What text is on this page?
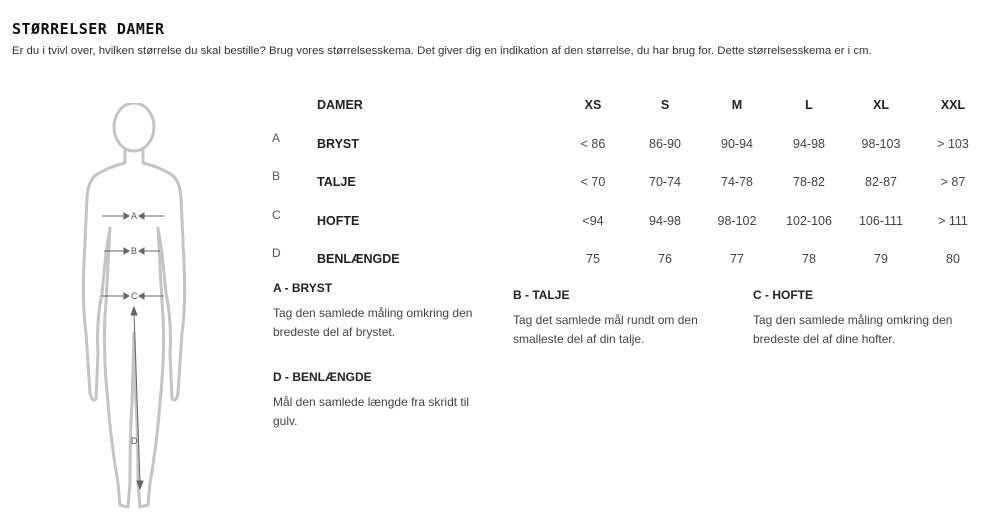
STØRRELSER DAMER
Er du i tvivl over, hvilken størrelse du skal bestille? Brug vores størrelsesskema. Det giver dig en indikation af den størrelse, du har brug for. Dette størrelsesskema er i cm.
A
B
C
D
	DAMER	XS	S	M	L	XL	XXL
A	BRYST	< 86	86-90	90-94	94-98	98-103	> 103
B	TALJE	< 70	70-74	74-78	78-82	82-87	> 87
C	HOFTE	<94	94-98	98-102	102-106	106-111	> 111
D	BENLÆNGDE	75	76	77	78	79	80
A - BRYST
Tag den samlede måling omkring den bredeste del af brystet.
B - TALJE
Tag det samlede mål rundt om den smalleste del af din talje.
C - HOFTE
Tag den samlede måling omkring den bredeste del af dine hofter.
D - BENLÆNGDE
Mål den samlede længde fra skridt til gulv.
